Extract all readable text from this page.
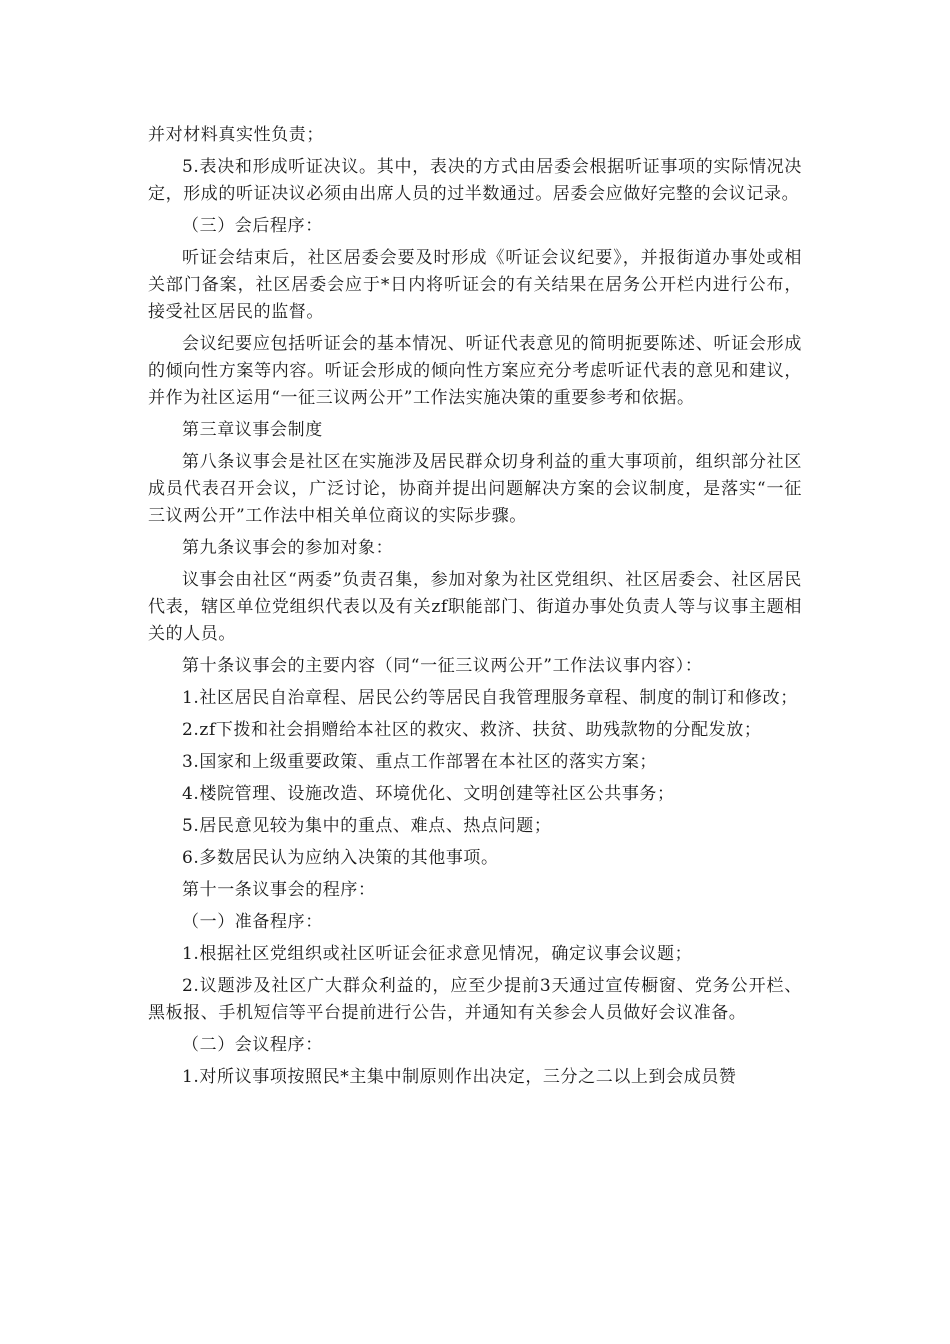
并对材料真实性负责；

5.表决和形成听证决议。其中，表决的方式由居委会根据听证事项的实际情况决定，形成的听证决议必须由出席人员的过半数通过。居委会应做好完整的会议记录。

（三）会后程序：

听证会结束后，社区居委会要及时形成《听证会议纪要》，并报街道办事处或相关部门备案，社区居委会应于*日内将听证会的有关结果在居务公开栏内进行公布，接受社区居民的监督。

会议纪要应包括听证会的基本情况、听证代表意见的简明扼要陈述、听证会形成的倾向性方案等内容。听证会形成的倾向性方案应充分考虑听证代表的意见和建议，并作为社区运用“一征三议两公开”工作法实施决策的重要参考和依据。

第三章议事会制度

第八条议事会是社区在实施涉及居民群众切身利益的重大事项前，组织部分社区成员代表召开会议，广泛讨论，协商并提出问题解决方案的会议制度，是落实“一征三议两公开”工作法中相关单位商议的实际步骤。

第九条议事会的参加对象：

议事会由社区“两委”负责召集，参加对象为社区党组织、社区居委会、社区居民代表，辖区单位党组织代表以及有关zf职能部门、街道办事处负责人等与议事主题相关的人员。

第十条议事会的主要内容（同“一征三议两公开”工作法议事内容）：

1.社区居民自治章程、居民公约等居民自我管理服务章程、制度的制订和修改；

2.zf下拨和社会捐赠给本社区的救灾、救济、扶贫、助残款物的分配发放；

3.国家和上级重要政策、重点工作部署在本社区的落实方案；

4.楼院管理、设施改造、环境优化、文明创建等社区公共事务；

5.居民意见较为集中的重点、难点、热点问题；

6.多数居民认为应纳入决策的其他事项。

第十一条议事会的程序：

（一）准备程序：

1.根据社区党组织或社区听证会征求意见情况，确定议事会议题；

2.议题涉及社区广大群众利益的，应至少提前3天通过宣传橱窗、党务公开栏、黑板报、手机短信等平台提前进行公告，并通知有关参会人员做好会议准备。

（二）会议程序：

1.对所议事项按照民*主集中制原则作出决定，三分之二以上到会成员赞
